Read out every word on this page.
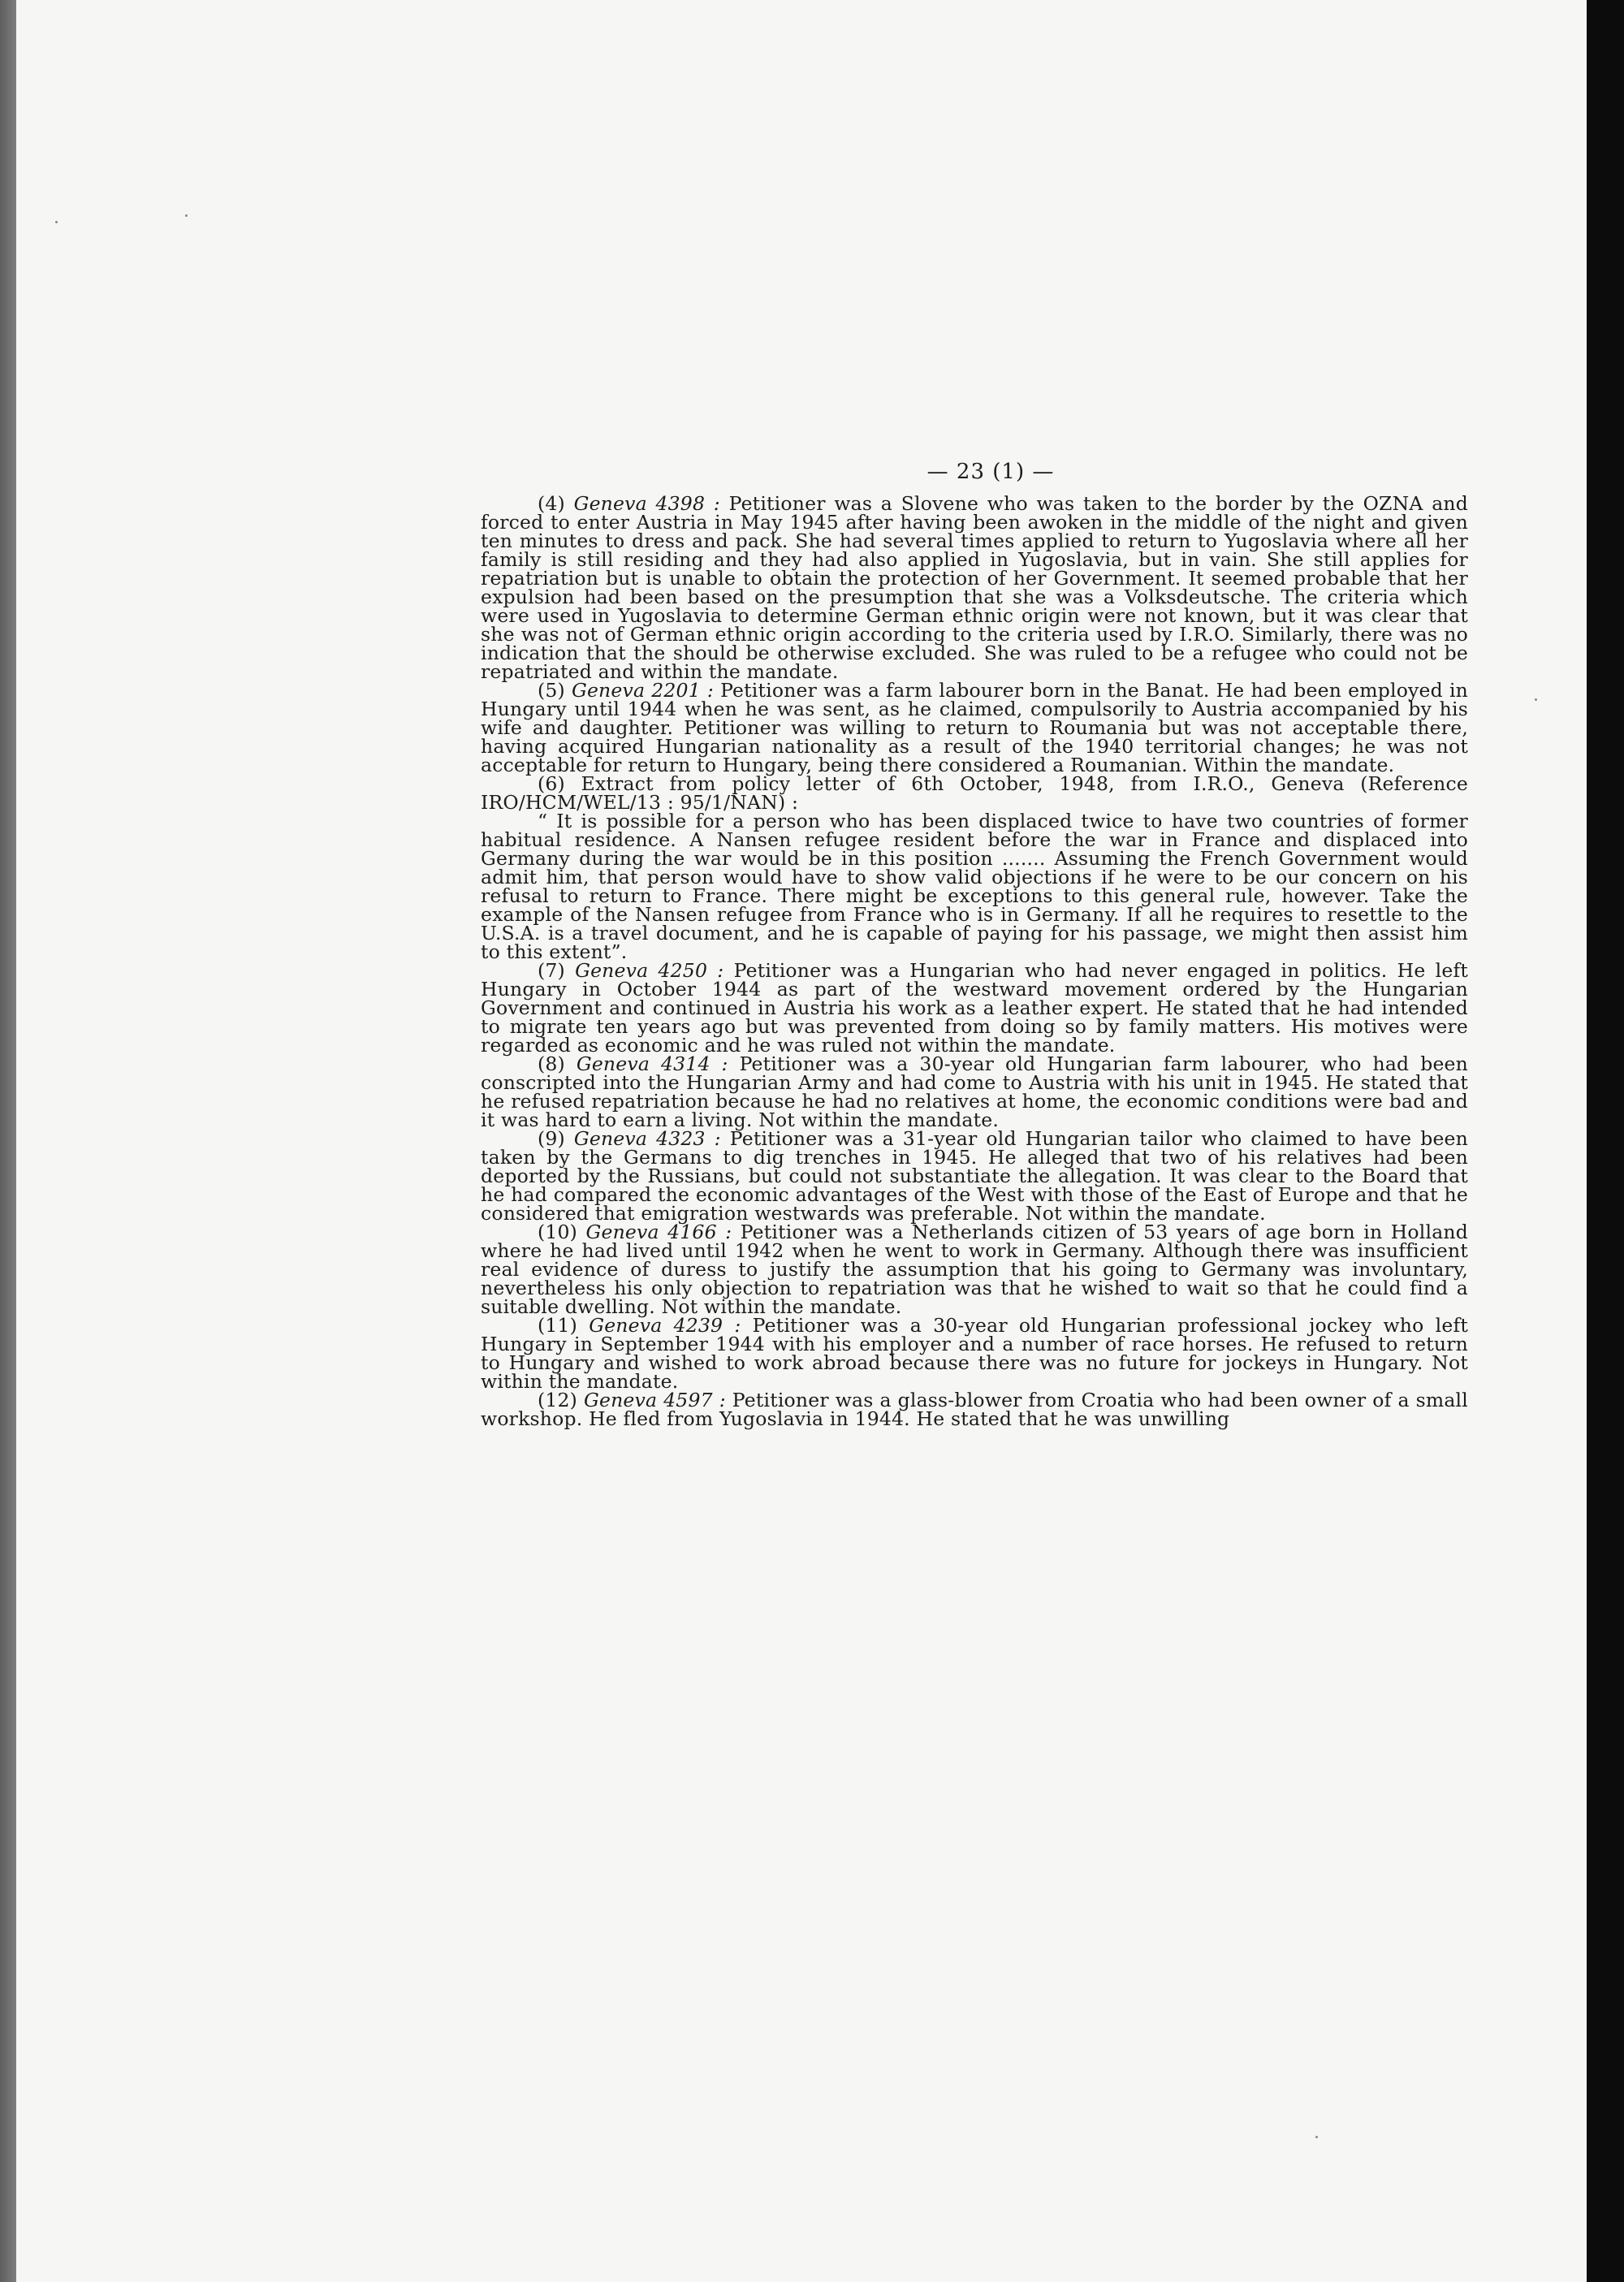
— 23 (1) —

(4) Geneva 4398 : Petitioner was a Slovene who was taken to the border by the OZNA and forced to enter Austria in May 1945 after having been awoken in the middle of the night and given ten minutes to dress and pack. She had several times applied to return to Yugoslavia where all her family is still residing and they had also applied in Yugoslavia, but in vain. She still applies for repatriation but is unable to obtain the protection of her Government. It seemed probable that her expulsion had been based on the presumption that she was a Volksdeutsche. The criteria which were used in Yugoslavia to determine German ethnic origin were not known, but it was clear that she was not of German ethnic origin according to the criteria used by I.R.O. Similarly, there was no indication that the should be otherwise excluded. She was ruled to be a refugee who could not be repatriated and within the mandate.

(5) Geneva 2201 : Petitioner was a farm labourer born in the Banat. He had been employed in Hungary until 1944 when he was sent, as he claimed, compulsorily to Austria accompanied by his wife and daughter. Petitioner was willing to return to Roumania but was not acceptable there, having acquired Hungarian nationality as a result of the 1940 territorial changes; he was not acceptable for return to Hungary, being there considered a Roumanian. Within the mandate.

(6) Extract from policy letter of 6th October, 1948, from I.R.O., Geneva (Reference IRO/HCM/WEL/13 : 95/1/NAN) :

“ It is possible for a person who has been displaced twice to have two countries of former habitual residence. A Nansen refugee resident before the war in France and displaced into Germany during the war would be in this position ....... Assuming the French Government would admit him, that person would have to show valid objections if he were to be our concern on his refusal to return to France. There might be exceptions to this general rule, however. Take the example of the Nansen refugee from France who is in Germany. If all he requires to resettle to the U.S.A. is a travel document, and he is capable of paying for his passage, we might then assist him to this extent”.

(7) Geneva 4250 : Petitioner was a Hungarian who had never engaged in politics. He left Hungary in October 1944 as part of the westward movement ordered by the Hungarian Government and continued in Austria his work as a leather expert. He stated that he had intended to migrate ten years ago but was prevented from doing so by family matters. His motives were regarded as economic and he was ruled not within the mandate.

(8) Geneva 4314 : Petitioner was a 30-year old Hungarian farm labourer, who had been conscripted into the Hungarian Army and had come to Austria with his unit in 1945. He stated that he refused repatriation because he had no relatives at home, the economic conditions were bad and it was hard to earn a living. Not within the mandate.

(9) Geneva 4323 : Petitioner was a 31-year old Hungarian tailor who claimed to have been taken by the Germans to dig trenches in 1945. He alleged that two of his relatives had been deported by the Russians, but could not substantiate the allegation. It was clear to the Board that he had compared the economic advantages of the West with those of the East of Europe and that he considered that emigration westwards was preferable. Not within the mandate.

(10) Geneva 4166 : Petitioner was a Netherlands citizen of 53 years of age born in Holland where he had lived until 1942 when he went to work in Germany. Although there was insufficient real evidence of duress to justify the assumption that his going to Germany was involuntary, nevertheless his only objection to repatriation was that he wished to wait so that he could find a suitable dwelling. Not within the mandate.

(11) Geneva 4239 : Petitioner was a 30-year old Hungarian professional jockey who left Hungary in September 1944 with his employer and a number of race horses. He refused to return to Hungary and wished to work abroad because there was no future for jockeys in Hungary. Not within the mandate.

(12) Geneva 4597 : Petitioner was a glass-blower from Croatia who had been owner of a small workshop. He fled from Yugoslavia in 1944. He stated that he was unwilling
